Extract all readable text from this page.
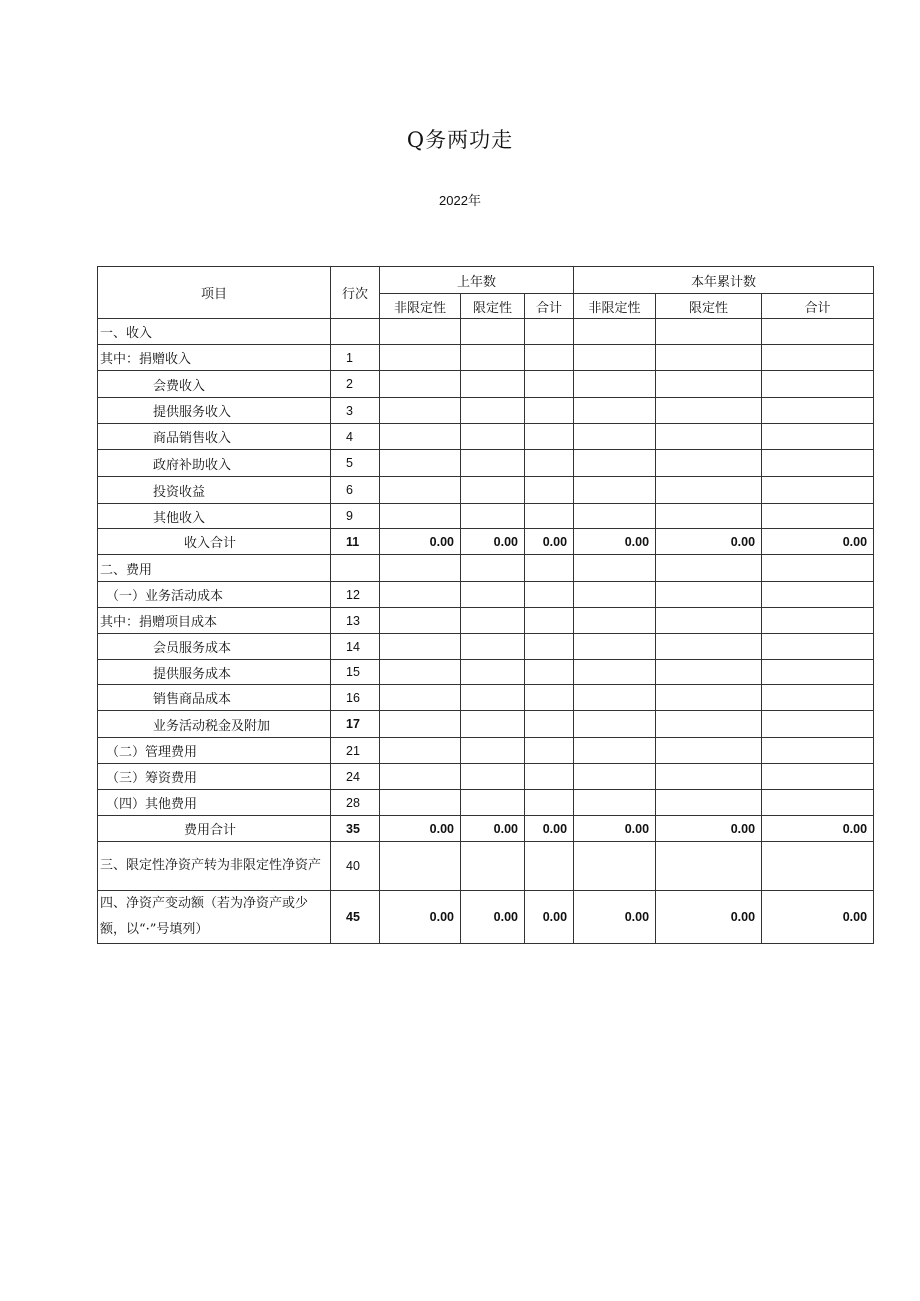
Q务两功走
2022年
项目	行次	上年数			本年累计数		
		非限定性	限定性	合计	非限定性	限定性	合计
一、收入							
其中：捐赠收入	1						
会费收入	2						
提供服务收入	3						
商品销售收入	4						
政府补助收入	5						
投资收益	6						
其他收入	9						
收入合计	11	0.00	0.00	0.00	0.00	0.00	0.00
二、费用							
（一）业务活动成本	12						
其中：捐赠项目成本	13						
会员服务成本	14						
提供服务成本	15						
销售商品成本	16						
业务活动税金及附加	17						
（二）管理费用	21						
（三）筹资费用	24						
（四）其他费用	28						
费用合计	35	0.00	0.00	0.00	0.00	0.00	0.00
三、限定性净资产转为非限定性净资产	40						
四、净资产变动额（若为净资产或少额，以“·”号填列）	45	0.00	0.00	0.00	0.00	0.00	0.00
